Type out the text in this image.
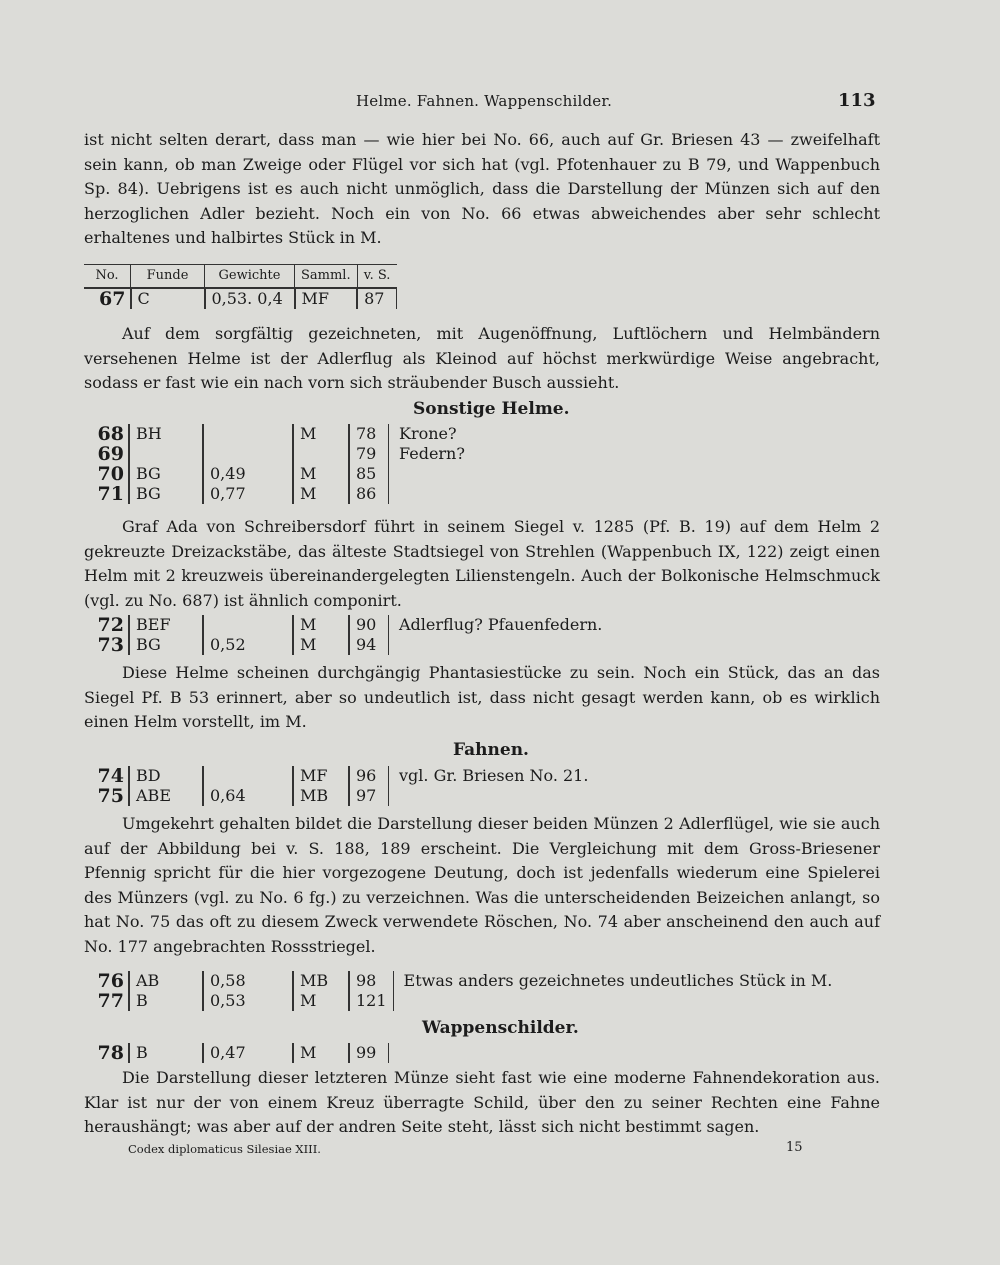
Helme. Fahnen. Wappenschilder.	113

ist nicht selten derart, dass man — wie hier bei No. 66, auch auf Gr. Briesen 43 — zweifelhaft sein kann, ob man Zweige oder Flügel vor sich hat (vgl. Pfotenhauer zu B 79, und Wappenbuch Sp. 84). Uebrigens ist es auch nicht unmöglich, dass die Darstellung der Münzen sich auf den herzoglichen Adler bezieht. Noch ein von No. 66 etwas abweichendes aber sehr schlecht erhaltenes und halbirtes Stück in M.

No.	Funde	Gewichte	Samml.	v. S.	
67	C	0,53. 0,4	MF	87	

Auf dem sorgfältig gezeichneten, mit Augenöffnung, Luftlöchern und Helmbändern versehenen Helme ist der Adlerflug als Kleinod auf höchst merkwürdige Weise angebracht, sodass er fast wie ein nach vorn sich sträubender Busch aussieht.

Sonstige Helme.
68	BH		M	78	Krone?
69				79	Federn?
70	BG	0,49	M	85	
71	BG	0,77	M	86	

Graf Ada von Schreibersdorf führt in seinem Siegel v. 1285 (Pf. B. 19) auf dem Helm 2 gekreuzte Dreizackstäbe, das älteste Stadtsiegel von Strehlen (Wappenbuch IX, 122) zeigt einen Helm mit 2 kreuzweis übereinandergelegten Lilienstengeln. Auch der Bolkonische Helmschmuck (vgl. zu No. 687) ist ähnlich componirt.

72	BEF		M	90	Adlerflug? Pfauenfedern.
73	BG	0,52	M	94	

Diese Helme scheinen durchgängig Phantasiestücke zu sein. Noch ein Stück, das an das Siegel Pf. B 53 erinnert, aber so undeutlich ist, dass nicht gesagt werden kann, ob es wirklich einen Helm vorstellt, im M.

Fahnen.
74	BD		MF	96	vgl. Gr. Briesen No. 21.
75	ABE	0,64	MB	97	

Umgekehrt gehalten bildet die Darstellung dieser beiden Münzen 2 Adlerflügel, wie sie auch auf der Abbildung bei v. S. 188, 189 erscheint. Die Vergleichung mit dem Gross-Briesener Pfennig spricht für die hier vorgezogene Deutung, doch ist jedenfalls wiederum eine Spielerei des Münzers (vgl. zu No. 6 fg.) zu verzeichnen. Was die unterscheidenden Beizeichen anlangt, so hat No. 75 das oft zu diesem Zweck verwendete Röschen, No. 74 aber anscheinend den auch auf No. 177 angebrachten Rossstriegel.

76	AB	0,58	MB	98	Etwas anders gezeichnetes undeutliches Stück in M.
77	B	0,53	M	121	
Wappenschilder.
78	B	0,47	M	99	

Die Darstellung dieser letzteren Münze sieht fast wie eine moderne Fahnendekoration aus. Klar ist nur der von einem Kreuz überragte Schild, über den zu seiner Rechten eine Fahne heraushängt; was aber auf der andren Seite steht, lässt sich nicht bestimmt sagen.

Codex diplomaticus Silesiae XIII.	15
